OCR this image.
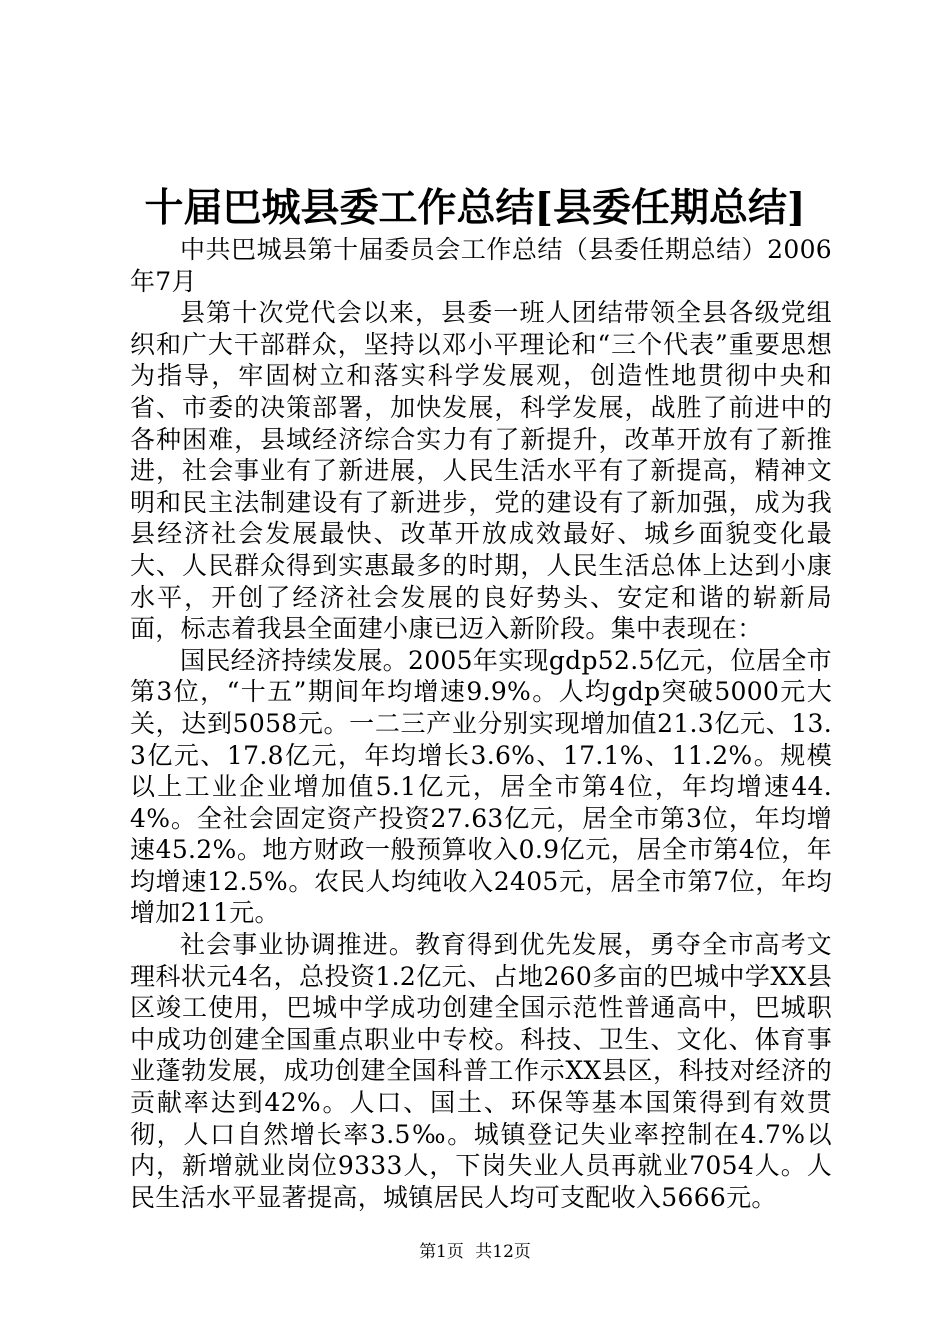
十届巴城县委工作总结[县委任期总结]

中共巴城县第十届委员会工作总结（县委任期总结）2006年7月

县第十次党代会以来，县委一班人团结带领全县各级党组织和广大干部群众，坚持以邓小平理论和“三个代表”重要思想为指导，牢固树立和落实科学发展观，创造性地贯彻中央和省、市委的决策部署，加快发展，科学发展，战胜了前进中的各种困难，县域经济综合实力有了新提升，改革开放有了新推进，社会事业有了新进展，人民生活水平有了新提高，精神文明和民主法制建设有了新进步，党的建设有了新加强，成为我县经济社会发展最快、改革开放成效最好、城乡面貌变化最大、人民群众得到实惠最多的时期，人民生活总体上达到小康水平，开创了经济社会发展的良好势头、安定和谐的崭新局面，标志着我县全面建小康已迈入新阶段。集中表现在：

国民经济持续发展。2005年实现gdp52.5亿元，位居全市第3位，“十五”期间年均增速9.9%。人均gdp突破5000元大关，达到5058元。一二三产业分别实现增加值21.3亿元、13.3亿元、17.8亿元，年均增长3.6%、17.1%、11.2%。规模以上工业企业增加值5.1亿元，居全市第4位，年均增速44.4%。全社会固定资产投资27.63亿元，居全市第3位，年均增速45.2%。地方财政一般预算收入0.9亿元，居全市第4位，年均增速12.5%。农民人均纯收入2405元，居全市第7位，年均增加211元。

社会事业协调推进。教育得到优先发展，勇夺全市高考文理科状元4名，总投资1.2亿元、占地260多亩的巴城中学XX县区竣工使用，巴城中学成功创建全国示范性普通高中，巴城职中成功创建全国重点职业中专校。科技、卫生、文化、体育事业蓬勃发展，成功创建全国科普工作示XX县区，科技对经济的贡献率达到42%。人口、国土、环保等基本国策得到有效贯彻，人口自然增长率3.5‰。城镇登记失业率控制在4.7%以内，新增就业岗位9333人，下岗失业人员再就业7054人。人民生活水平显著提高，城镇居民人均可支配收入5666元。

第1页 共12页
